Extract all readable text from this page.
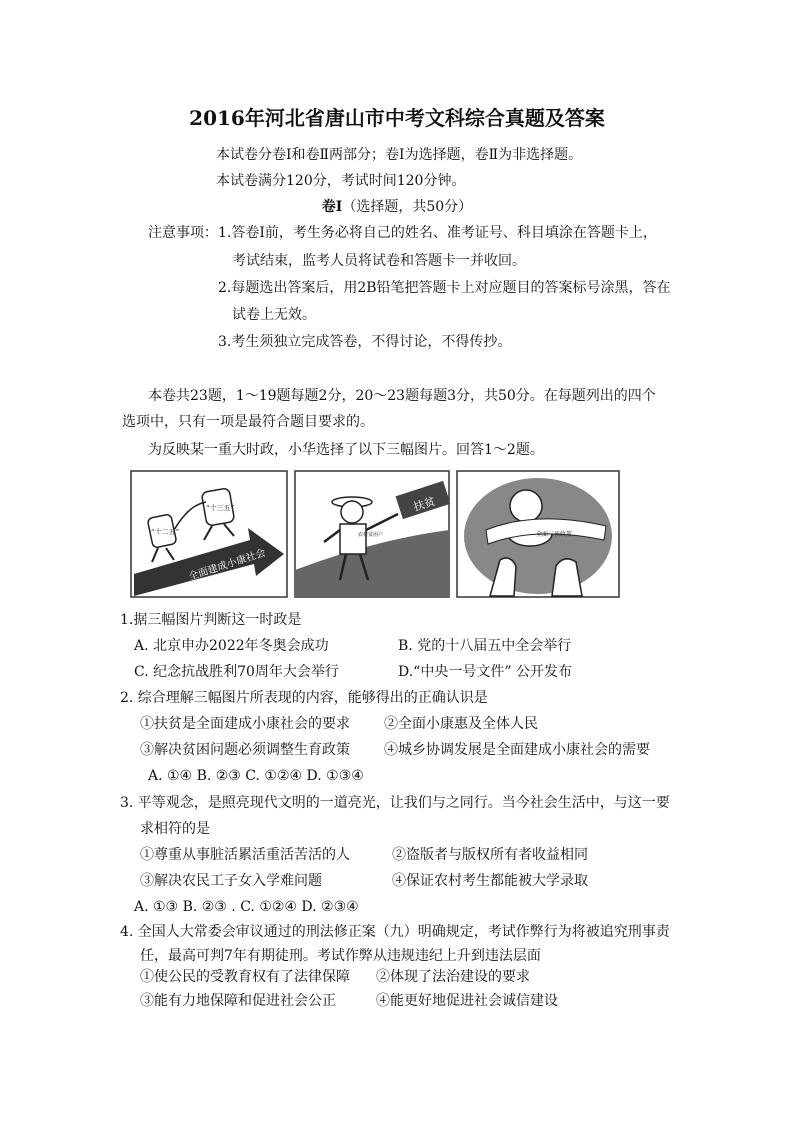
2016年河北省唐山市中考文科综合真题及答案
本试卷分卷Ⅰ和卷Ⅱ两部分；卷Ⅰ为选择题，卷Ⅱ为非选择题。
本试卷满分120分，考试时间120分钟。
卷Ⅰ（选择题，共50分）
注意事项：1.答卷Ⅰ前，考生务必将自己的姓名、准考证号、科目填涂在答题卡上，
考试结束，监考人员将试卷和答题卡一并收回。
2.每题选出答案后，用2B铅笔把答题卡上对应题目的答案标号涂黑，答在
试卷上无效。
3.考生须独立完成答卷，不得讨论，不得传抄。
本卷共23题，1～19题每题2分，20～23题每题3分，共50分。在每题列出的四个
选项中，只有一项是最符合题目要求的。
为反映某一重大时政，小华选择了以下三幅图片。回答1～2题。
全面建成小康社会
“十二五”
“十三五”	扶贫
农村贫困户	全面二孩政策
1.据三幅图片判断这一时政是
A. 北京申办2022年冬奥会成功	B. 党的十八届五中全会举行
C. 纪念抗战胜利70周年大会举行	D.“中央一号文件” 公开发布
2. 综合理解三幅图片所表现的内容，能够得出的正确认识是
①扶贫是全面建成小康社会的要求 ②全面小康惠及全体人民
③解决贫困问题必须调整生育政策 ④城乡协调发展是全面建成小康社会的需要
A. ①④ B. ②③ C. ①②④ D. ①③④
3. 平等观念，是照亮现代文明的一道亮光，让我们与之同行。当今社会生活中，与这一要
求相符的是
①尊重从事脏活累活重活苦活的人	②盗版者与版权所有者收益相同
③解决农民工子女入学难问题	④保证农村考生都能被大学录取
A. ①③ B. ②③ . C. ①②④ D. ②③④
4. 全国人大常委会审议通过的刑法修正案（九）明确规定，考试作弊行为将被追究刑事责
任，最高可判7年有期徒刑。考试作弊从违规违纪上升到违法层面
①使公民的受教育权有了法律保障 ②体现了法治建设的要求
③能有力地保障和促进社会公正	④能更好地促进社会诚信建设
